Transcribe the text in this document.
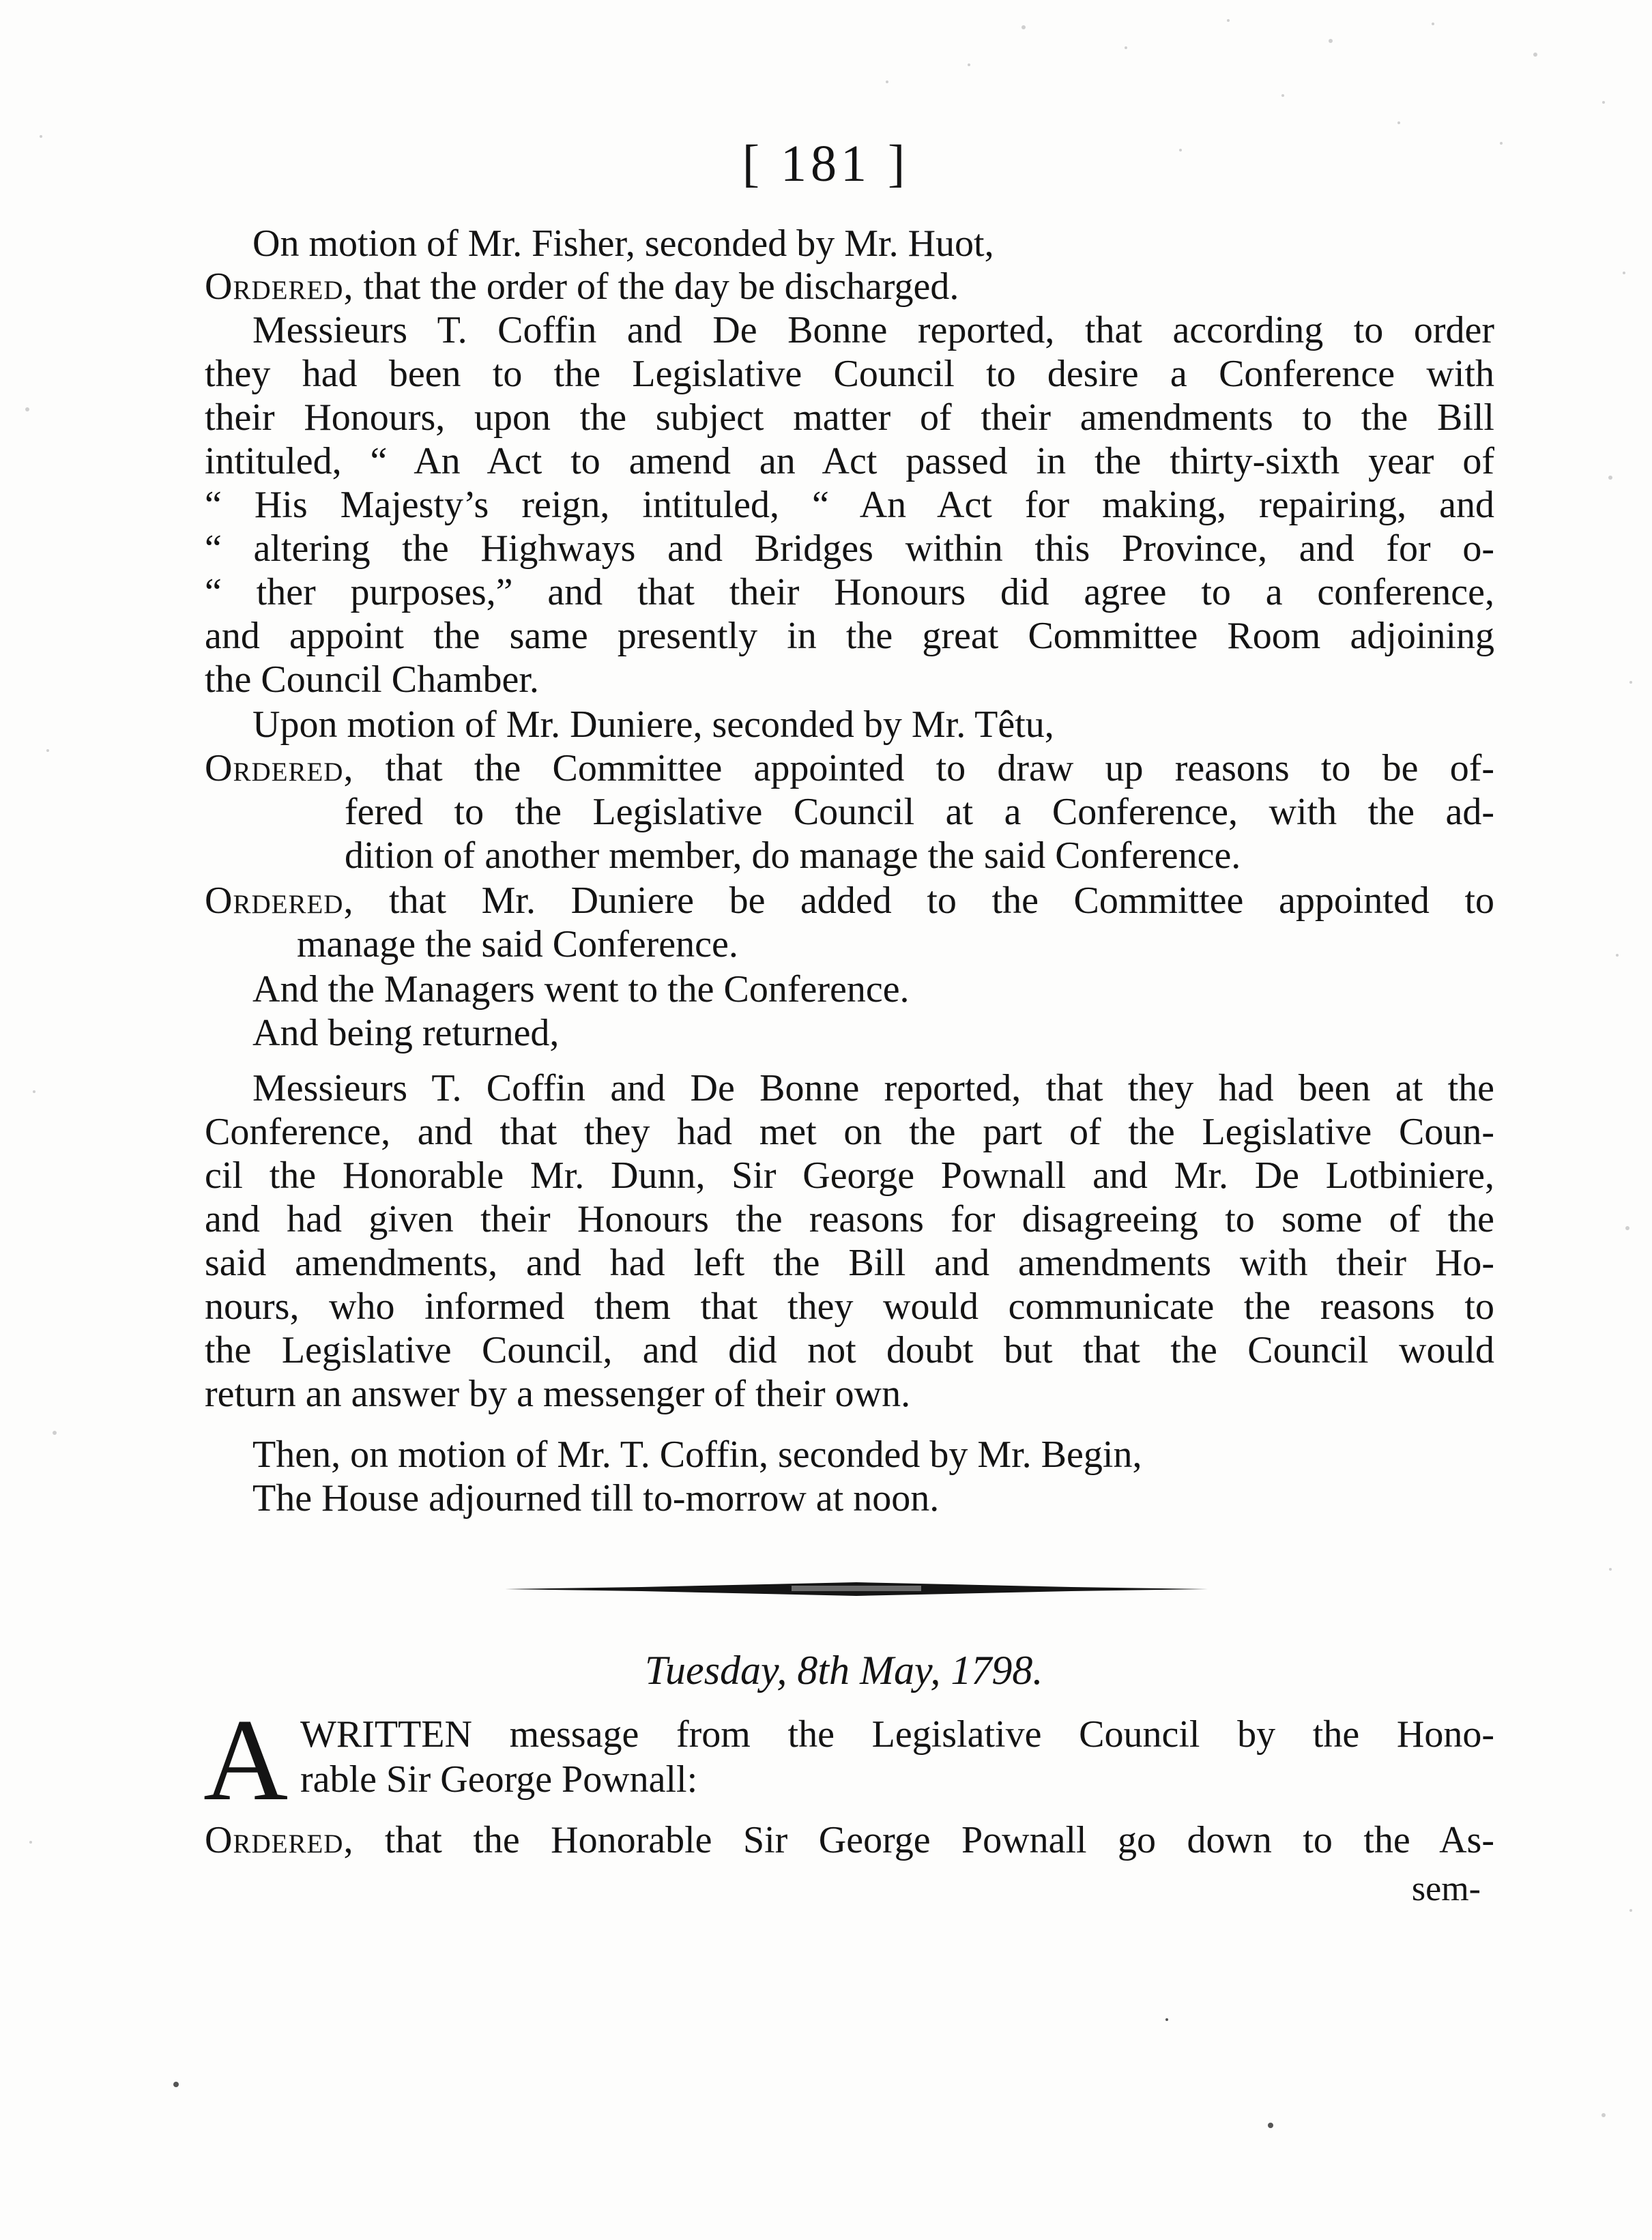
[ 181 ]
On motion of Mr. Fisher, seconded by Mr. Huot,
Ordered, that the order of the day be discharged.
Messieurs T. Coffin and De Bonne reported, that according to order
they had been to the Legislative Council to desire a Conference with
their Honours, upon the subject matter of their amendments to the Bill
intituled, “ An Act to amend an Act passed in the thirty-sixth year of
“ His Majesty’s reign, intituled, “ An Act for making, repairing, and
“ altering the Highways and Bridges within this Province, and for o-
“ ther purposes,” and that their Honours did agree to a conference,
and appoint the same presently in the great Committee Room adjoining
the Council Chamber.
Upon motion of Mr. Duniere, seconded by Mr. Têtu,
Ordered, that the Committee appointed to draw up reasons to be of-
fered to the Legislative Council at a Conference, with the ad-
dition of another member, do manage the said Conference.
Ordered, that Mr. Duniere be added to the Committee appointed to
manage the said Conference.
And the Managers went to the Conference.
And being returned,
Messieurs T. Coffin and De Bonne reported, that they had been at the
Conference, and that they had met on the part of the Legislative Coun-
cil the Honorable Mr. Dunn, Sir George Pownall and Mr. De Lotbiniere,
and had given their Honours the reasons for disagreeing to some of the
said amendments, and had left the Bill and amendments with their Ho-
nours, who informed them that they would communicate the reasons to
the Legislative Council, and did not doubt but that the Council would
return an answer by a messenger of their own.
Then, on motion of Mr. T. Coffin, seconded by Mr. Begin,
The House adjourned till to-morrow at noon.
Tuesday, 8th May, 1798.
A WRITTEN message from the Legislative Council by the Hono-
rable Sir George Pownall:
Ordered, that the Honorable Sir George Pownall go down to the As-
sem-
